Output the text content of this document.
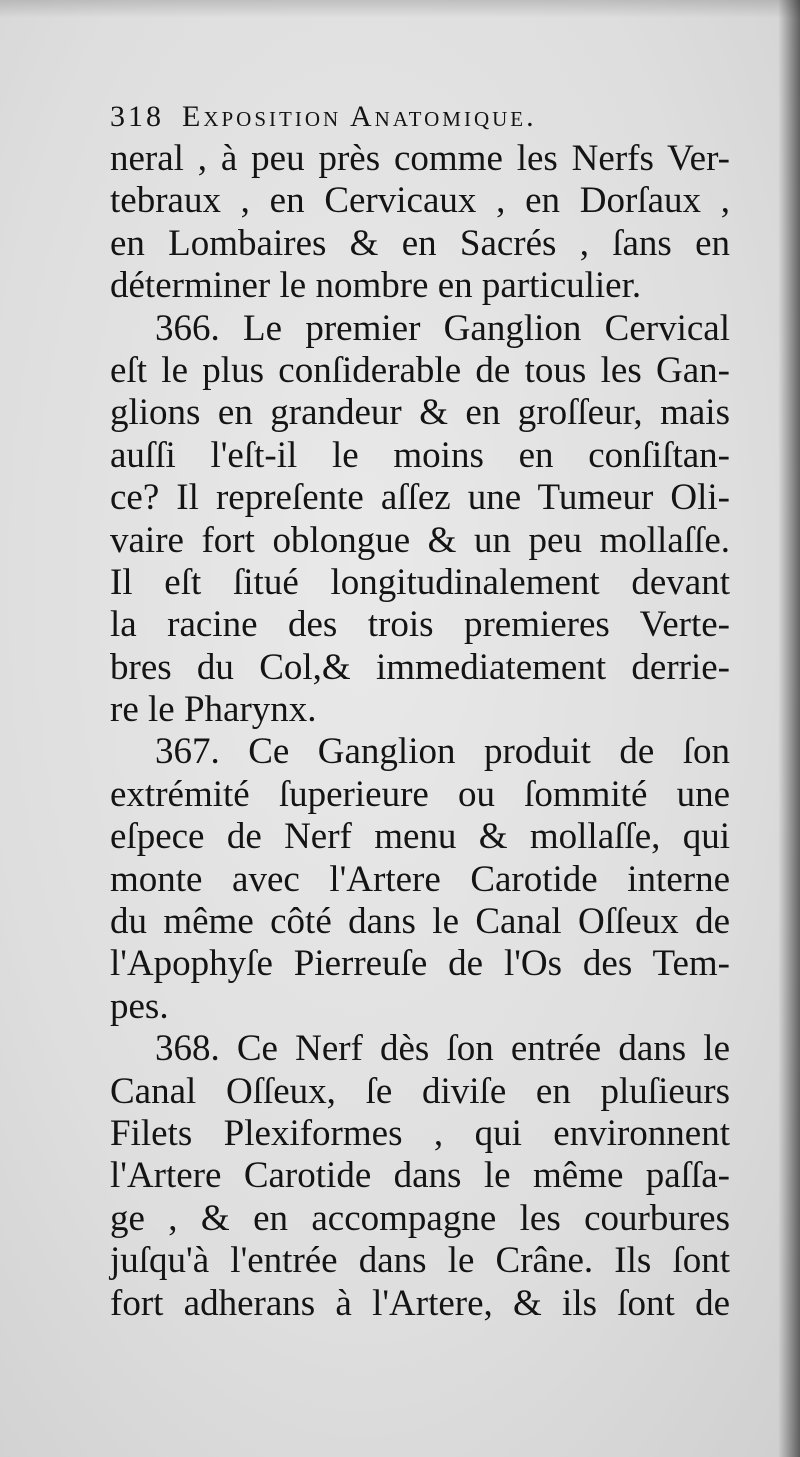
318 Exposition Anatomique.
neral , à peu près comme les Nerfs Ver-
tebraux , en Cervicaux , en Dorſaux ,
en Lombaires & en Sacrés , ſans en
déterminer le nombre en particulier.
366. Le premier Ganglion Cervical
eſt le plus conſiderable de tous les Gan-
glions en grandeur & en groſſeur, mais
auſſi l'eſt-il le moins en conſiſtan-
ce? Il repreſente aſſez une Tumeur Oli-
vaire fort oblongue & un peu mollaſſe.
Il eſt ſitué longitudinalement devant
la racine des trois premieres Verte-
bres du Col,& immediatement derrie-
re le Pharynx.
367. Ce Ganglion produit de ſon
extrémité ſuperieure ou ſommité une
eſpece de Nerf menu & mollaſſe, qui
monte avec l'Artere Carotide interne
du même côté dans le Canal Oſſeux de
l'Apophyſe Pierreuſe de l'Os des Tem-
pes.
368. Ce Nerf dès ſon entrée dans le
Canal Oſſeux, ſe diviſe en pluſieurs
Filets Plexiformes , qui environnent
l'Artere Carotide dans le même paſſa-
ge , & en accompagne les courbures
juſqu'à l'entrée dans le Crâne. Ils ſont
fort adherans à l'Artere, & ils ſont de
